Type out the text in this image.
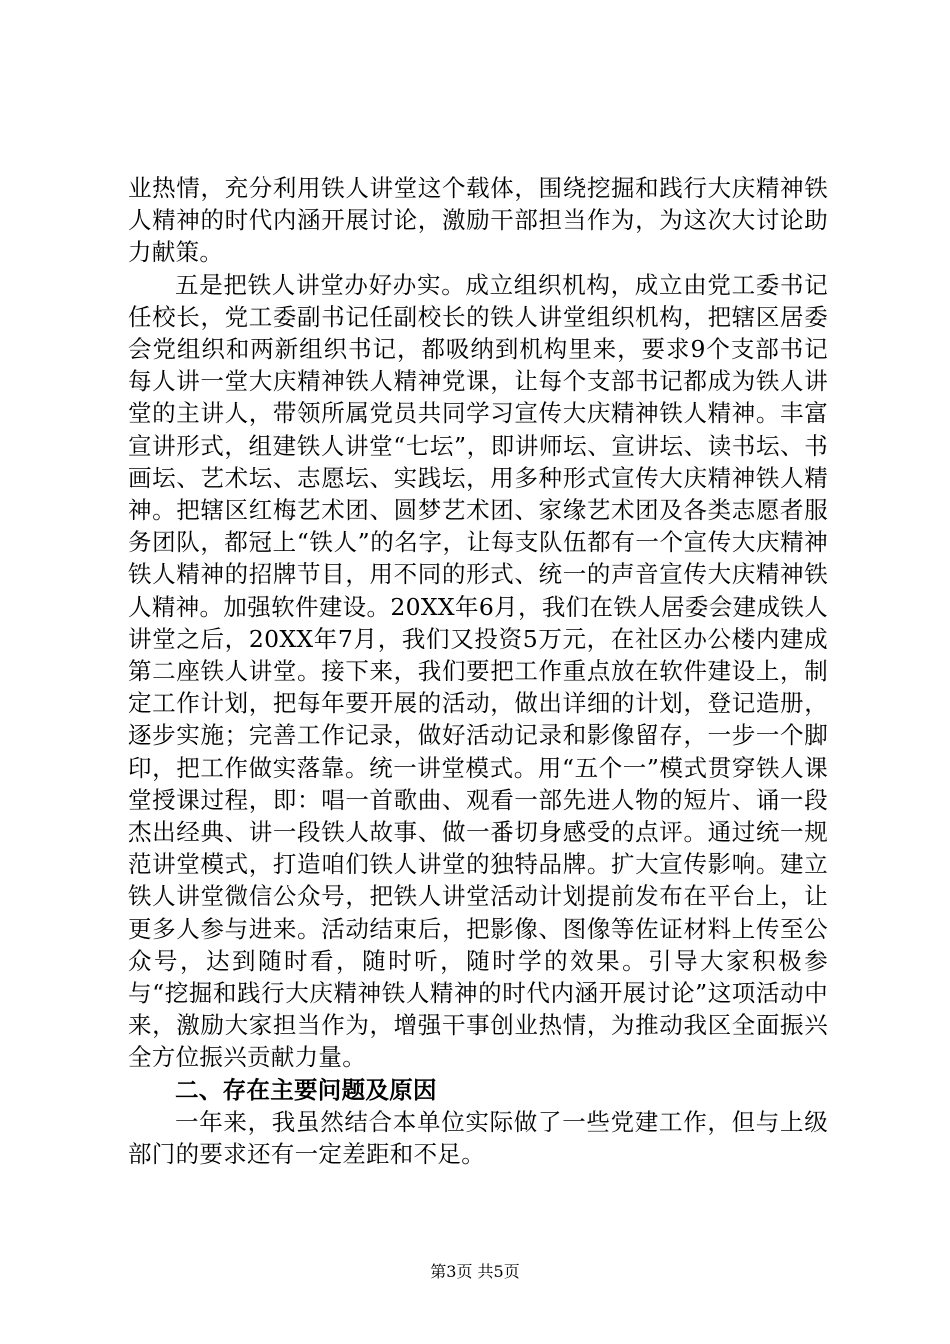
业热情，充分利用铁人讲堂这个载体，围绕挖掘和践行大庆精神铁人精神的时代内涵开展讨论，激励干部担当作为，为这次大讨论助力献策。

五是把铁人讲堂办好办实。成立组织机构，成立由党工委书记任校长，党工委副书记任副校长的铁人讲堂组织机构，把辖区居委会党组织和两新组织书记，都吸纳到机构里来，要求9个支部书记每人讲一堂大庆精神铁人精神党课，让每个支部书记都成为铁人讲堂的主讲人，带领所属党员共同学习宣传大庆精神铁人精神。丰富宣讲形式，组建铁人讲堂“七坛”，即讲师坛、宣讲坛、读书坛、书画坛、艺术坛、志愿坛、实践坛，用多种形式宣传大庆精神铁人精神。把辖区红梅艺术团、圆梦艺术团、家缘艺术团及各类志愿者服务团队，都冠上“铁人”的名字，让每支队伍都有一个宣传大庆精神铁人精神的招牌节目，用不同的形式、统一的声音宣传大庆精神铁人精神。加强软件建设。20XX年6月，我们在铁人居委会建成铁人讲堂之后，20XX年7月，我们又投资5万元，在社区办公楼内建成第二座铁人讲堂。接下来，我们要把工作重点放在软件建设上，制定工作计划，把每年要开展的活动，做出详细的计划，登记造册，逐步实施；完善工作记录，做好活动记录和影像留存，一步一个脚印，把工作做实落靠。统一讲堂模式。用“五个一”模式贯穿铁人课堂授课过程，即：唱一首歌曲、观看一部先进人物的短片、诵一段杰出经典、讲一段铁人故事、做一番切身感受的点评。通过统一规范讲堂模式，打造咱们铁人讲堂的独特品牌。扩大宣传影响。建立铁人讲堂微信公众号，把铁人讲堂活动计划提前发布在平台上，让更多人参与进来。活动结束后，把影像、图像等佐证材料上传至公众号，达到随时看，随时听，随时学的效果。引导大家积极参与“挖掘和践行大庆精神铁人精神的时代内涵开展讨论”这项活动中来，激励大家担当作为，增强干事创业热情，为推动我区全面振兴全方位振兴贡献力量。

二、存在主要问题及原因

一年来，我虽然结合本单位实际做了一些党建工作，但与上级部门的要求还有一定差距和不足。

第3页 共5页
